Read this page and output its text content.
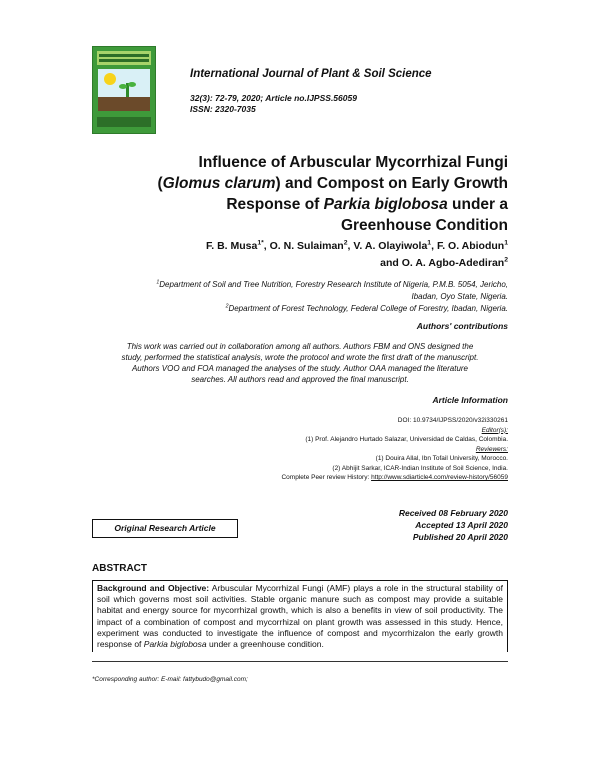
International Journal of Plant & Soil Science
32(3): 72-79, 2020; Article no.IJPSS.56059
ISSN: 2320-7035
Influence of Arbuscular Mycorrhizal Fungi
(Glomus clarum) and Compost on Early Growth
Response of Parkia biglobosa under a
Greenhouse Condition
F. B. Musa$^{1*}$, O. N. Sulaiman$^2$, V. A. Olayiwola$^1$, F. O. Abiodun$^1$
and O. A. Agbo-Adediran$^2$
$^1$Department of Soil and Tree Nutrition, Forestry Research Institute of Nigeria, P.M.B. 5054, Jericho,
Ibadan, Oyo State, Nigeria.
$^2$Department of Forest Technology, Federal College of Forestry, Ibadan, Nigeria.
Authors' contributions
This work was carried out in collaboration among all authors. Authors FBM and ONS designed the
study, performed the statistical analysis, wrote the protocol and wrote the first draft of the manuscript.
Authors VOO and FOA managed the analyses of the study. Author OAA managed the literature
searches. All authors read and approved the final manuscript.
Article Information
DOI: 10.9734/IJPSS/2020/v32i330261
Editor(s):
(1) Prof. Alejandro Hurtado Salazar, Universidad de Caldas, Colombia.
Reviewers:
(1) Douira Allal, Ibn Tofail University, Morocco.
(2) Abhijit Sarkar, ICAR-Indian Institute of Soil Science, India.
Complete Peer review History: http://www.sdiarticle4.com/review-history/56059
Received 08 February 2020
Accepted 13 April 2020
Published 20 April 2020
Original Research Article
ABSTRACT
Background and Objective: Arbuscular Mycorrhizal Fungi (AMF) plays a role in the structural stability of soil which governs most soil activities. Stable organic manure such as compost may provide a suitable habitat and energy source for mycorrhizal growth, which is also a benefits in view of soil productivity. The impact of a combination of compost and mycorrhizal on plant growth was assessed in this study. Hence, experiment was conducted to investigate the influence of compost and mycorrhizalon the early growth response of Parkia biglobosa under a greenhouse condition.

*Corresponding author: E-mail: fattybudo@gmail.com;
